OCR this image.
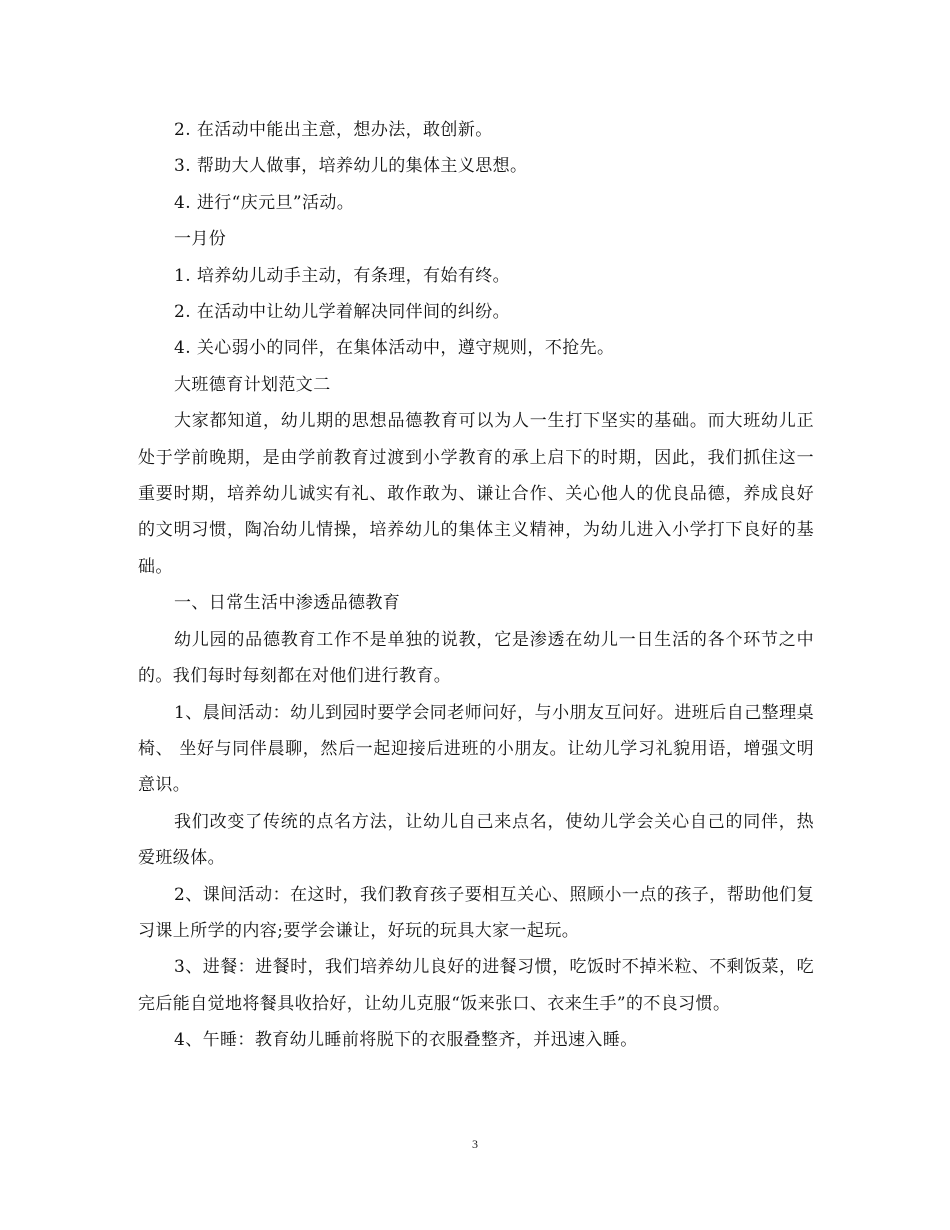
2. 在活动中能出主意，想办法，敢创新。

3. 帮助大人做事，培养幼儿的集体主义思想。

4. 进行“庆元旦”活动。

一月份

1. 培养幼儿动手主动，有条理，有始有终。

2. 在活动中让幼儿学着解决同伴间的纠纷。

4. 关心弱小的同伴，在集体活动中，遵守规则，不抢先。

大班德育计划范文二

大家都知道，幼儿期的思想品德教育可以为人一生打下坚实的基础。而大班幼儿正处于学前晚期，是由学前教育过渡到小学教育的承上启下的时期，因此，我们抓住这一重要时期，培养幼儿诚实有礼、敢作敢为、谦让合作、关心他人的优良品德，养成良好的文明习惯，陶冶幼儿情操，培养幼儿的集体主义精神，为幼儿进入小学打下良好的基础。

一、日常生活中渗透品德教育

幼儿园的品德教育工作不是单独的说教，它是渗透在幼儿一日生活的各个环节之中的。我们每时每刻都在对他们进行教育。

1、晨间活动：幼儿到园时要学会同老师问好，与小朋友互问好。进班后自己整理桌椅、 坐好与同伴晨聊，然后一起迎接后进班的小朋友。让幼儿学习礼貌用语，增强文明意识。

我们改变了传统的点名方法，让幼儿自己来点名，使幼儿学会关心自己的同伴，热爱班级体。

2、课间活动：在这时，我们教育孩子要相互关心、照顾小一点的孩子，帮助他们复习课上所学的内容;要学会谦让，好玩的玩具大家一起玩。

3、进餐：进餐时，我们培养幼儿良好的进餐习惯，吃饭时不掉米粒、不剩饭菜，吃完后能自觉地将餐具收拾好，让幼儿克服“饭来张口、衣来生手”的不良习惯。

4、午睡：教育幼儿睡前将脱下的衣服叠整齐，并迅速入睡。

3
